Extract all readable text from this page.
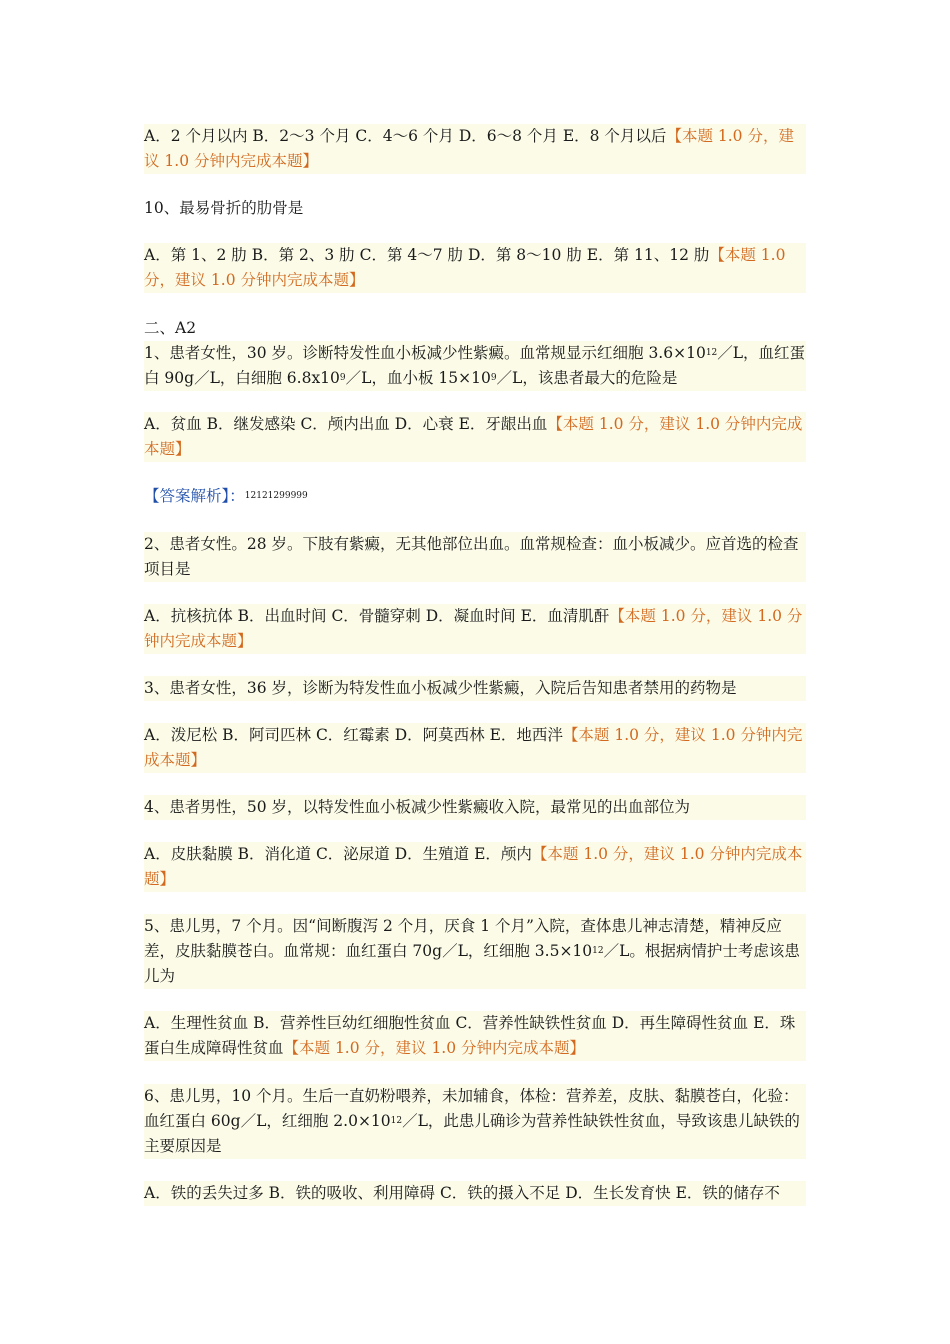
A．2 个月以内 B．2～3 个月 C．4～6 个月 D．6～8 个月 E．8 个月以后【本题 1.0 分，建议 1.0 分钟内完成本题】
10、最易骨折的肋骨是
A．第 1、2 肋 B．第 2、3 肋 C．第 4～7 肋 D．第 8～10 肋 E．第 11、12 肋【本题 1.0 分，建议 1.0 分钟内完成本题】
二、A2
1、患者女性，30 岁。诊断特发性血小板减少性紫癜。血常规显示红细胞 3.6×1012／L，血红蛋白 90g／L，白细胞 6.8x109／L，血小板 15×109／L，该患者最大的危险是
A．贫血 B．继发感染 C．颅内出血 D．心衰 E．牙龈出血【本题 1.0 分，建议 1.0 分钟内完成本题】
【答案解析】：12121299999
2、患者女性。28 岁。下肢有紫癜，无其他部位出血。血常规检查：血小板减少。应首选的检查项目是
A．抗核抗体 B．出血时间 C．骨髓穿刺 D．凝血时间 E．血清肌酐【本题 1.0 分，建议 1.0 分钟内完成本题】
3、患者女性，36 岁，诊断为特发性血小板减少性紫癜，入院后告知患者禁用的药物是
A．泼尼松 B．阿司匹林 C．红霉素 D．阿莫西林 E．地西泮【本题 1.0 分，建议 1.0 分钟内完成本题】
4、患者男性，50 岁，以特发性血小板减少性紫癜收入院，最常见的出血部位为
A．皮肤黏膜 B．消化道 C．泌尿道 D．生殖道 E．颅内【本题 1.0 分，建议 1.0 分钟内完成本题】
5、患儿男，7 个月。因“间断腹泻 2 个月，厌食 1 个月”入院，查体患儿神志清楚，精神反应差，皮肤黏膜苍白。血常规：血红蛋白 70g／L，红细胞 3.5×1012／L。根据病情护士考虑该患儿为
A．生理性贫血 B．营养性巨幼红细胞性贫血 C．营养性缺铁性贫血 D．再生障碍性贫血 E．珠蛋白生成障碍性贫血【本题 1.0 分，建议 1.0 分钟内完成本题】
6、患儿男，10 个月。生后一直奶粉喂养，未加辅食，体检：营养差，皮肤、黏膜苍白，化验：血红蛋白 60g／L，红细胞 2.0×1012／L，此患儿确诊为营养性缺铁性贫血，导致该患儿缺铁的主要原因是
A．铁的丢失过多 B．铁的吸收、利用障碍 C．铁的摄入不足 D．生长发育快 E．铁的储存不
